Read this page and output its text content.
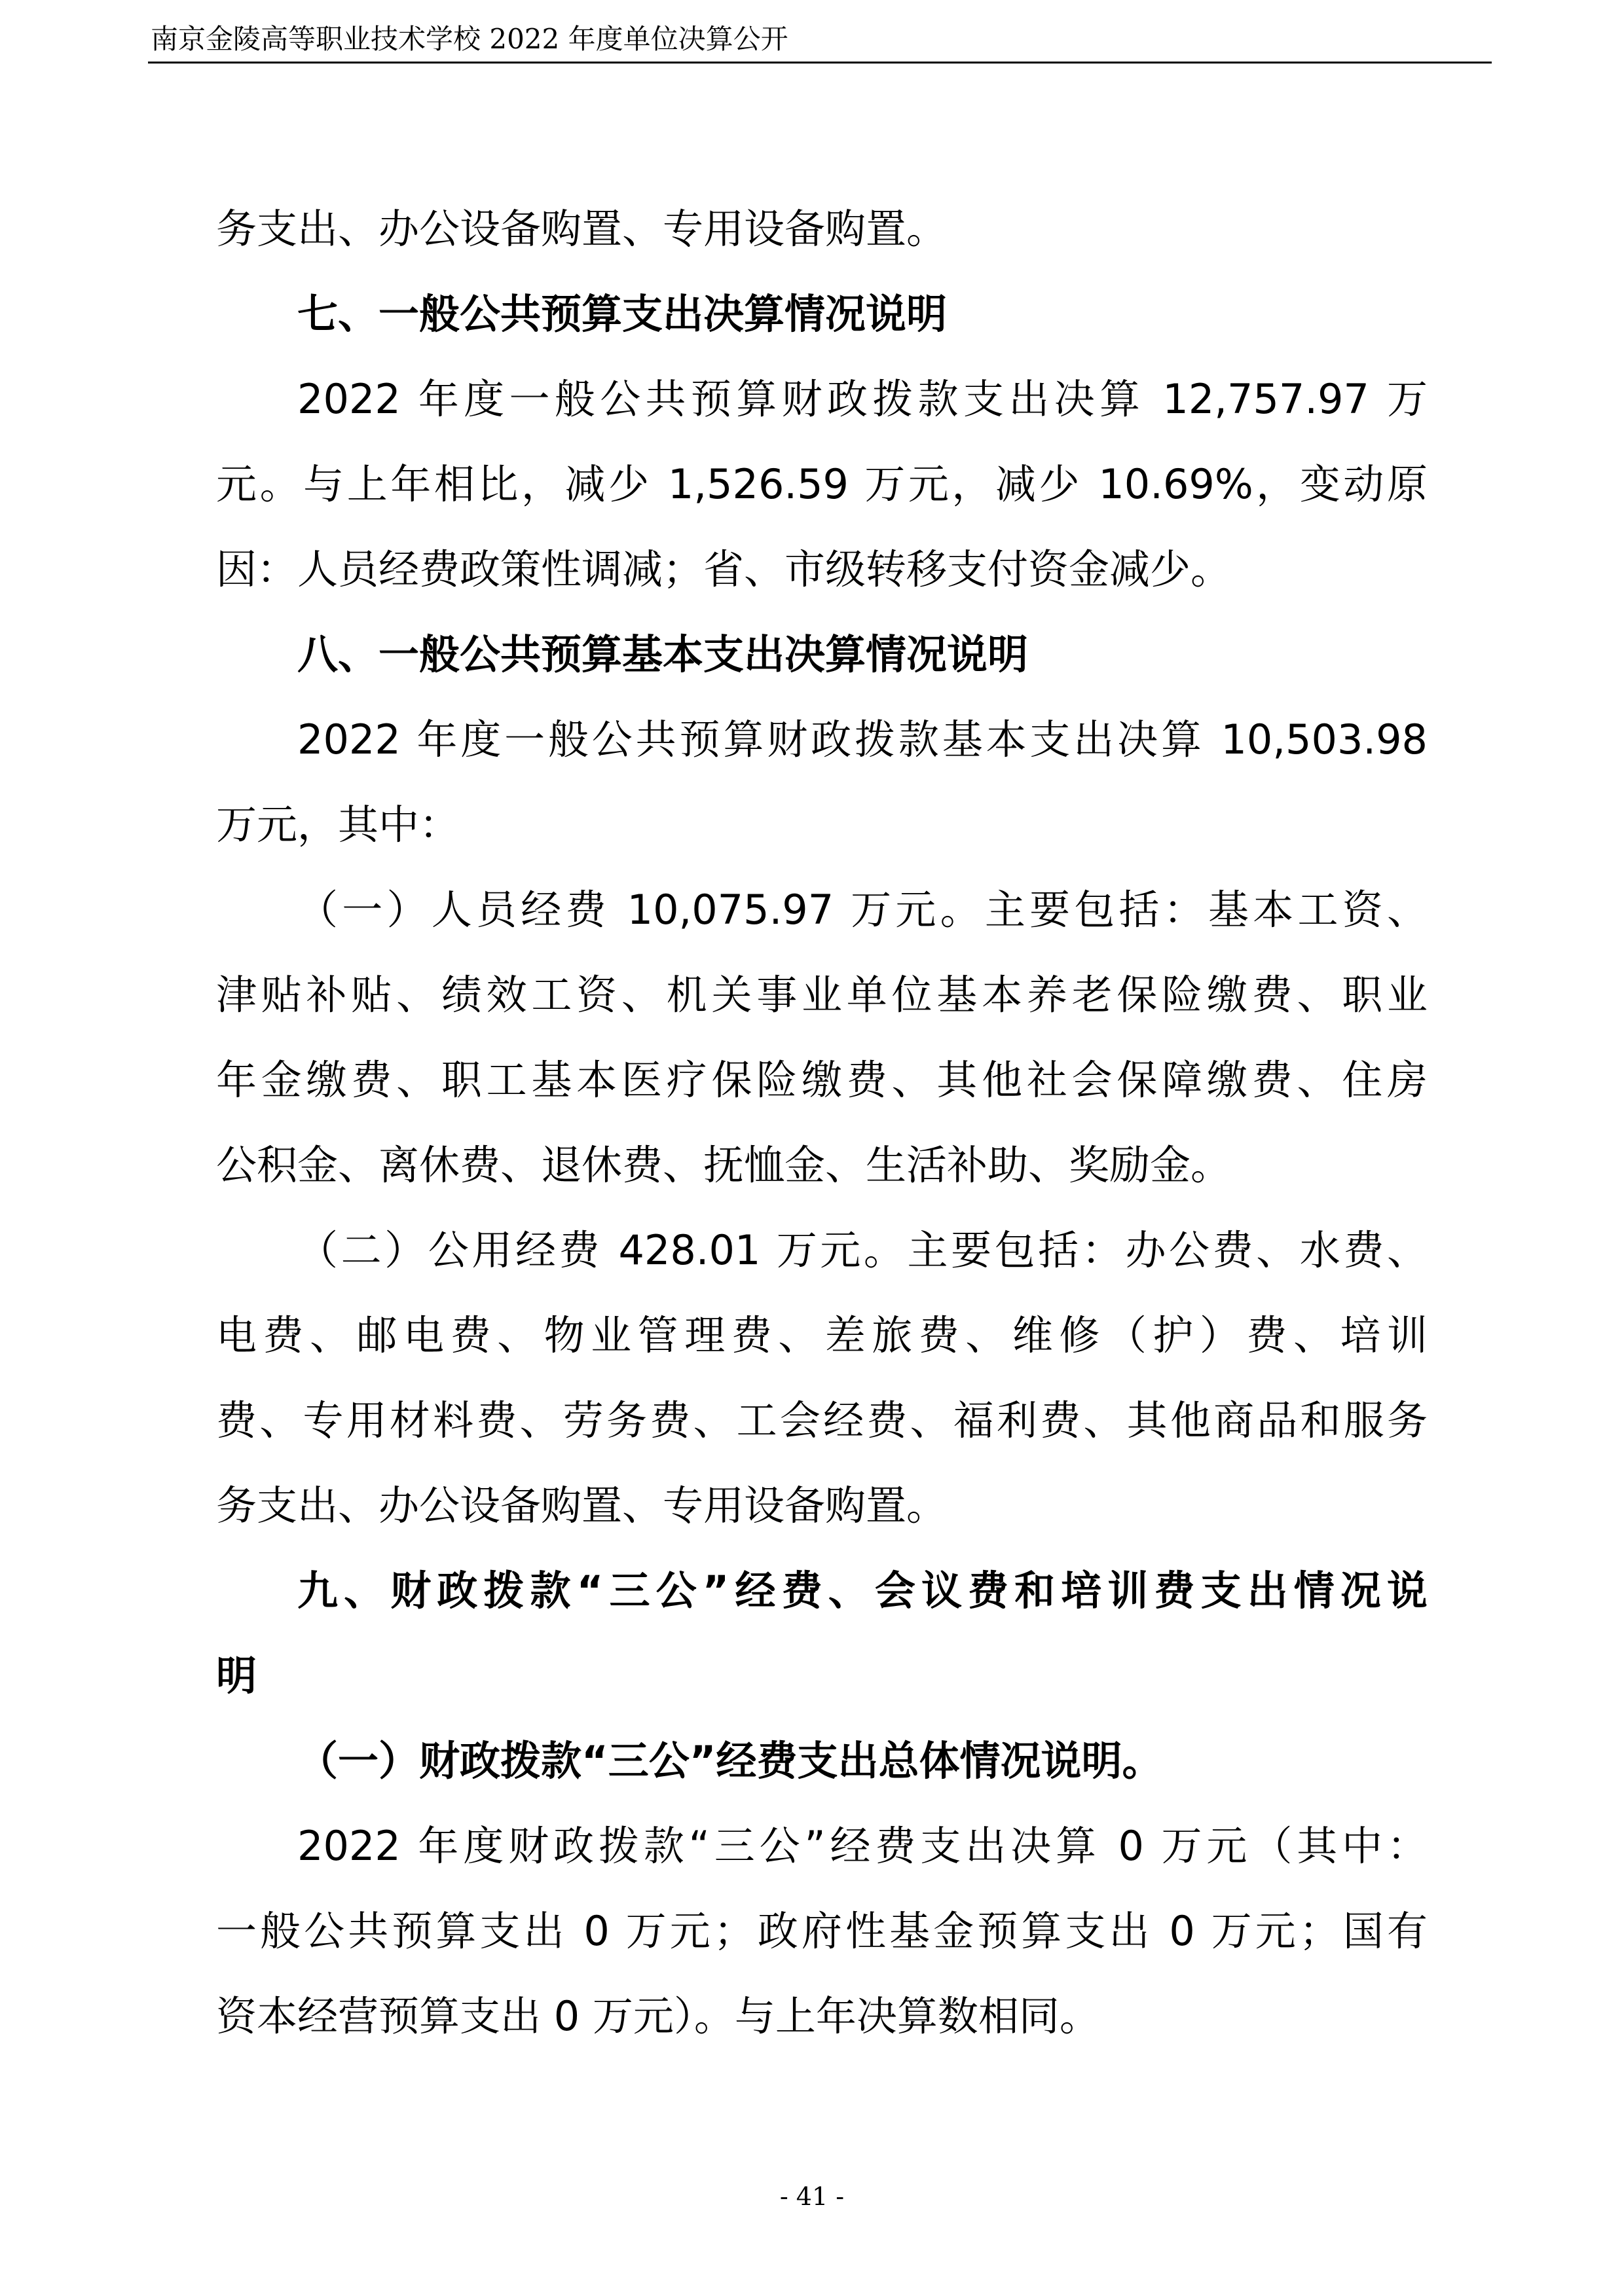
南京金陵高等职业技术学校 2022 年度单位决算公开
务支出、办公设备购置、专用设备购置。
七、一般公共预算支出决算情况说明
2022 年度一般公共预算财政拨款支出决算 12,757.97 万
元。与上年相比，减少 1,526.59 万元，减少 10.69%，变动原
因：人员经费政策性调减；省、市级转移支付资金减少。
八、一般公共预算基本支出决算情况说明
2022 年度一般公共预算财政拨款基本支出决算 10,503.98
万元，其中：
（一）人员经费 10,075.97 万元。主要包括：基本工资、
津贴补贴、绩效工资、机关事业单位基本养老保险缴费、职业
年金缴费、职工基本医疗保险缴费、其他社会保障缴费、住房
公积金、离休费、退休费、抚恤金、生活补助、奖励金。
（二）公用经费 428.01 万元。主要包括：办公费、水费、
电费、邮电费、物业管理费、差旅费、维修（护）费、培训
费、专用材料费、劳务费、工会经费、福利费、其他商品和服务
务支出、办公设备购置、专用设备购置。
九、财政拨款“三公”经费、会议费和培训费支出情况说
明
（一）财政拨款“三公”经费支出总体情况说明。
2022 年度财政拨款“三公”经费支出决算 0 万元（其中：
一般公共预算支出 0 万元；政府性基金预算支出 0 万元；国有
资本经营预算支出 0 万元）。与上年决算数相同。
- 41 -
